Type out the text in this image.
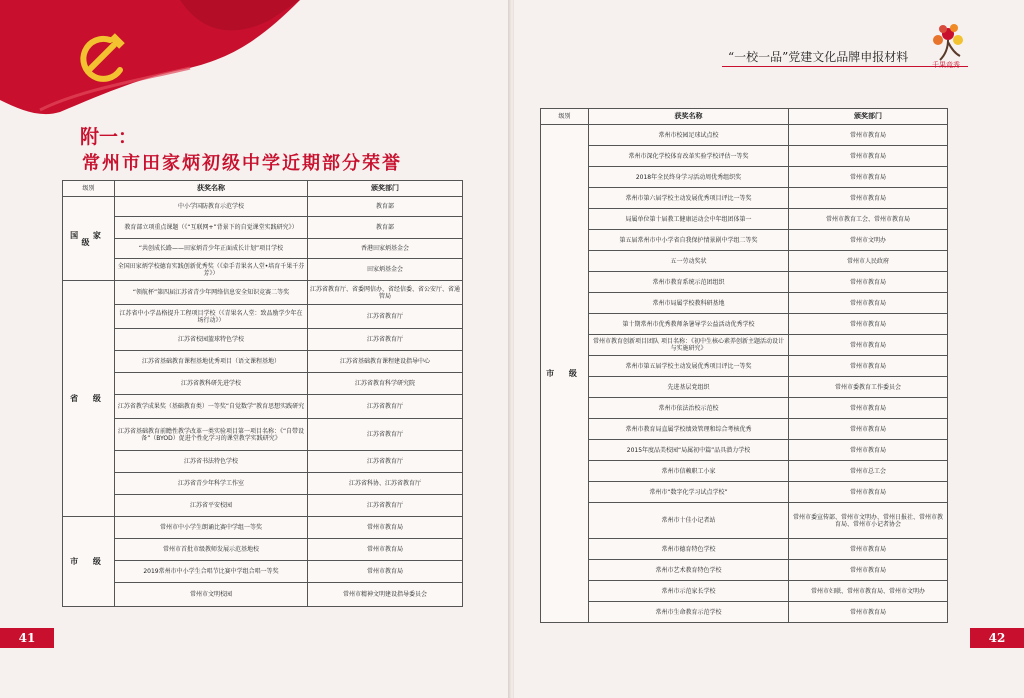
附一：
常州市田家炳初级中学近期部分荣誉
级别	获奖名称	颁奖部门
国 家 级	中小学国防教育示范学校	教育部
	教育部立项重点课题（《“互联网+”背景下的自觉课堂实践研究》）	教育部
	“共创成长路——田家炳青少年正面成长计划”项目学校	香港田家炳基金会
	全国田家炳学校德育实践创新优秀奖（《牵手青果名人堂•培育千果千芬芳》）	田家炳基金会
省 级	“领航杯”第四届江苏省青少年网络信息安全知识竞赛二等奖	江苏省教育厅、省委网信办、省经信委、省公安厅、省通管局
	江苏省中小学品格提升工程项目学校（《青果名人堂：致品励学少年在场行动》）	江苏省教育厅
	江苏省校园篮球特色学校	江苏省教育厅
	江苏省基础教育课程基地优秀项目（语文课程基地）	江苏省基础教育课程建设指导中心
	江苏省教科研先进学校	江苏省教育科学研究院
	江苏省教学成果奖（基础教育类）一等奖“自觉数学”教育思想实践研究	江苏省教育厅
	江苏省基础教育前瞻性教学改革一类实验项目第一项目名称：《“自带设备”（BYOD）促进个性化学习的课堂教学实践研究》	江苏省教育厅
	江苏省书法特色学校	江苏省教育厅
	江苏省青少年科学工作室	江苏省科协、江苏省教育厅
	江苏省平安校园	江苏省教育厅
市 级	常州市中小学生朗诵比赛中学组一等奖	常州市教育局
	常州市首批市级教师发展示范基地校	常州市教育局
	2019常州市中小学生合唱节比赛中学组合唱一等奖	常州市教育局
	常州市文明校园	常州市精神文明建设指导委员会
41
“一校一品”党建文化品牌申报材料
千果竞秀
级别	获奖名称	颁奖部门
市 级	常州市校园足球试点校	常州市教育局
	常州市深化学校体育改革实验学校评估一等奖	常州市教育局
	2018年全民终身学习活动周优秀组织奖	常州市教育局
	常州市第六届学校主动发展优秀项目评比一等奖	常州市教育局
	局属单位第十届教工健康运动会中年组团体第一	常州市教育工会、常州市教育局
	第五届常州市中小学省自我保护情景剧中学组二等奖	常州市文明办
	五一劳动奖状	常州市人民政府
	常州市教育系统示范团组织	常州市教育局
	常州市局属学校教科研基地	常州市教育局
	第十期常州市优秀教师条暑导学公益活动优秀学校	常州市教育局
	常州市教育创新项目团队 项目名称：《初中生核心素养创新主题活动设计与实施研究》	常州市教育局
	常州市第五届学校主动发展优秀项目评比一等奖	常州市教育局
	先进基层党组织	常州市委教育工作委员会
	常州市依法治校示范校	常州市教育局
	常州市教育局直属学校绩效管理和综合考核优秀	常州市教育局
	2015年度品美校园“局属初中篇”品具潜力学校	常州市教育局
	常州市信赖职工小家	常州市总工会
	常州市“数字化学习试点学校”	常州市教育局
	常州市十佳小记者站	常州市委宣传部、常州市文明办、常州日报社、常州市教育局、常州市小记者协会
	常州市德育特色学校	常州市教育局
	常州市艺术教育特色学校	常州市教育局
	常州市示范家长学校	常州市妇联、常州市教育局、常州市文明办
	常州市生命教育示范学校	常州市教育局
42
